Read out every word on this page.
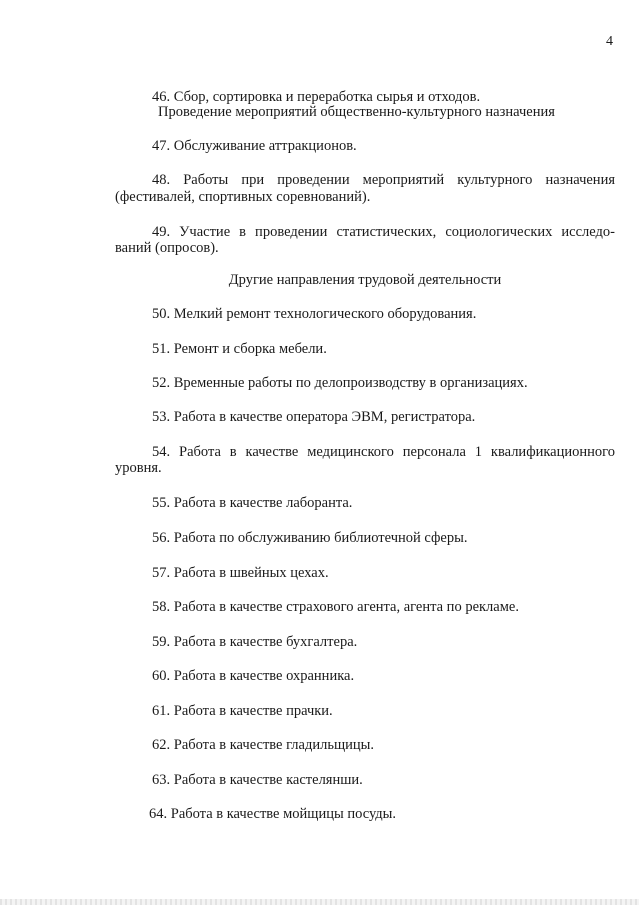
4
46. Сбор, сортировка и переработка сырья и отходов.
Проведение мероприятий общественно-культурного назначения
47. Обслуживание аттракционов.
48. Работы при проведении мероприятий культурного назначения
(фестивалей, спортивных соревнований).
49. Участие в проведении статистических, социологических исследо-
ваний (опросов).
Другие направления трудовой деятельности
50. Мелкий ремонт технологического оборудования.
51. Ремонт и сборка мебели.
52. Временные работы по делопроизводству в организациях.
53. Работа в качестве оператора ЭВМ, регистратора.
54. Работа в качестве медицинского персонала 1 квалификационного
уровня.
55. Работа в качестве лаборанта.
56. Работа по обслуживанию библиотечной сферы.
57. Работа в швейных цехах.
58. Работа в качестве страхового агента, агента по рекламе.
59. Работа в качестве бухгалтера.
60. Работа в качестве охранника.
61. Работа в качестве прачки.
62. Работа в качестве гладильщицы.
63. Работа в качестве кастелянши.
64. Работа в качестве мойщицы посуды.
